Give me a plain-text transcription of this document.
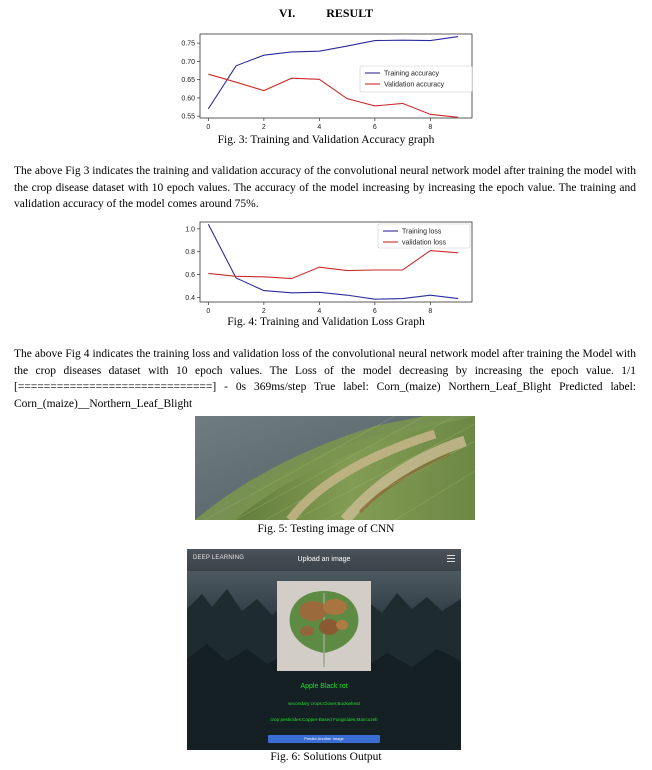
VI.	RESULT
0.55
0.60
0.65
0.70
0.75
0	2	4	6	8
Training accuracy
Validation accuracy
Fig. 3: Training and Validation Accuracy graph
The above Fig 3 indicates the training and validation accuracy of the convolutional neural network model after training the model with the crop disease dataset with 10 epoch values. The accuracy of the model increasing by increasing the epoch value. The training and validation accuracy of the model comes around 75%.
0.4
0.6
0.8
1.0
0	2	4	6	8
Training loss
validation loss
Fig. 4: Training and Validation Loss Graph
The above Fig 4 indicates the training loss and validation loss of the convolutional neural network model after training the Model with the crop diseases dataset with 10 epoch values. The Loss of the model decreasing by increasing the epoch value. 1/1 [==============================] - 0s 369ms/step True label: Corn_(maize) Northern_Leaf_Blight Predicted label: Corn_(maize)__Northern_Leaf_Blight
Fig. 5: Testing image of CNN
DEEP LEARNING	Upload an image
Apple Black rot
secondary crops:Clover,Buckwheat
crop pesticides:Copper-Based Fungicides,Mancozeb
Predict Another Image
Fig. 6: Solutions Output
